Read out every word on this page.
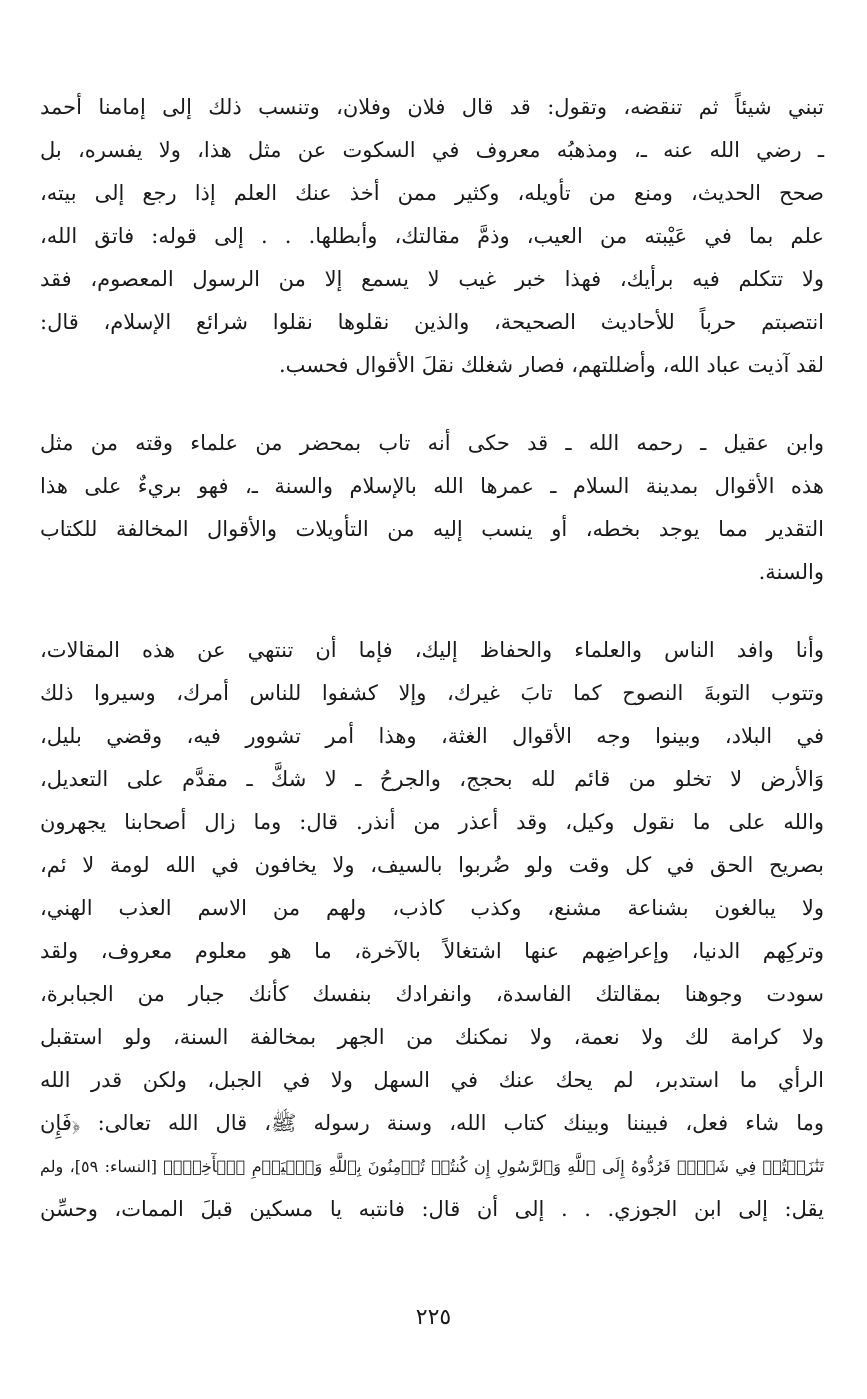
تبني شيئاً ثم تنقضه، وتقول: قد قال فلان وفلان، وتنسب ذلك إلى إمامنا أحمد
ـ رضي الله عنه ـ، ومذهبُه معروف في السكوت عن مثل هذا، ولا يفسره، بل
صحح الحديث، ومنع من تأويله، وكثير ممن أخذ عنك العلم إذا رجع إلى بيته،
علم بما في عَيْبته من العيب، وذمَّ مقالتك، وأبطلها. . . إلى قوله: فاتق الله،
ولا تتكلم فيه برأيك، فهذا خبر غيب لا يسمع إلا من الرسول المعصوم، فقد
انتصبتم حرباً للأحاديث الصحيحة، والذين نقلوها نقلوا شرائع الإسلام، قال:
لقد آذيت عباد الله، وأضللتهم، فصار شغلك نقلَ الأقوال فحسب.
وابن عقيل ـ رحمه الله ـ قد حكى أنه تاب بمحضر من علماء وقته من مثل
هذه الأقوال بمدينة السلام ـ عمرها الله بالإسلام والسنة ـ، فهو بريءٌ على هذا
التقدير مما يوجد بخطه، أو ينسب إليه من التأويلات والأقوال المخالفة للكتاب
والسنة.
وأنا وافد الناس والعلماء والحفاظ إليك، فإما أن تنتهي عن هذه المقالات،
وتتوب التوبةَ النصوح كما تابَ غيرك، وإلا كشفوا للناس أمرك، وسيروا ذلك
في البلاد، وبينوا وجه الأقوال الغثة، وهذا أمر تشوور فيه، وقضي بليل،
وَالأرض لا تخلو من قائم لله بحجج، والجرحُ ـ لا شكَّ ـ مقدَّم على التعديل،
والله على ما نقول وكيل، وقد أعذر من أنذر. قال: وما زال أصحابنا يجهرون
بصريح الحق في كل وقت ولو ضُربوا بالسيف، ولا يخافون في الله لومة لا ئم،
ولا يبالغون بشناعة مشنع، وكذب كاذب، ولهم من الاسم العذب الهني،
وتركِهم الدنيا، وإعراضِهم عنها اشتغالاً بالآخرة، ما هو معلوم معروف، ولقد
سودت وجوهنا بمقالتك الفاسدة، وانفرادك بنفسك كأنك جبار من الجبابرة،
ولا كرامة لك ولا نعمة، ولا نمكنك من الجهر بمخالفة السنة، ولو استقبل
الرأي ما استدبر، لم يحك عنك في السهل ولا في الجبل، ولكن قدر الله
وما شاء فعل، فبيننا وبينك كتاب الله، وسنة رسوله ﷺ، قال الله تعالى: ﴿فَإِن
تَنَٰزَعۡتُمۡ فِي شَيۡءٖ فَرُدُّوهُ إِلَى ٱللَّهِ وَٱلرَّسُولِ إِن كُنتُمۡ تُؤۡمِنُونَ بِٱللَّهِ وَٱلۡيَوۡمِ ٱلۡأٓخِرِۚ﴾ [النساء: ٥٩]، ولم
يقل: إلى ابن الجوزي. . . إلى أن قال: فانتبه يا مسكين قبلَ الممات، وحسِّن
٢٢٥
